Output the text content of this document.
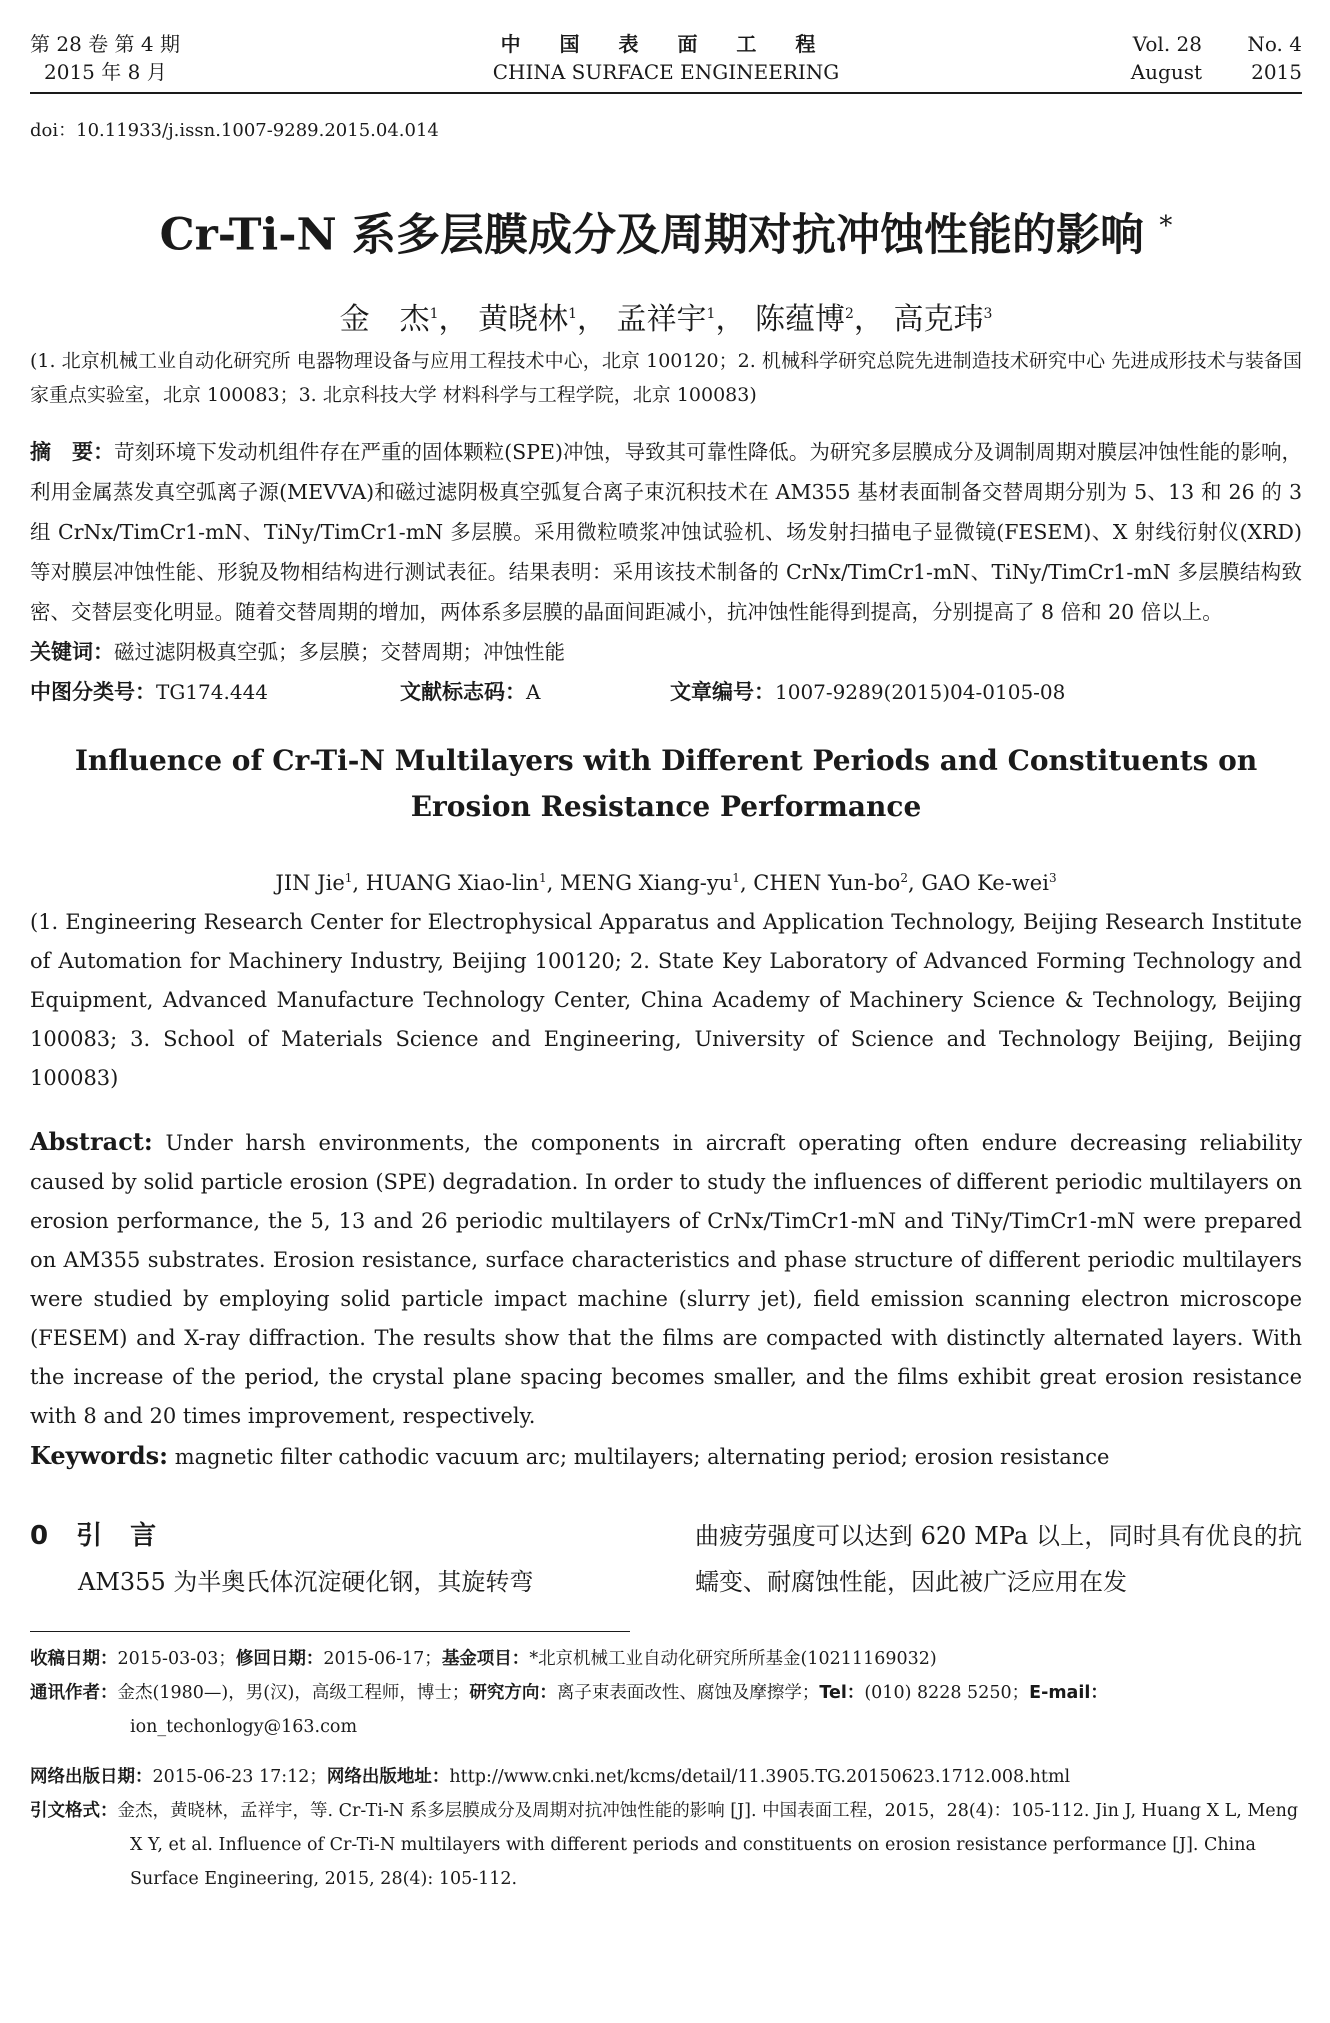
第 28 卷 第 4 期
2015 年 8 月
中 国 表 面 工 程
CHINA SURFACE ENGINEERING
Vol. 28 No. 4
August 2015
doi：10.11933/j.issn.1007-9289.2015.04.014
Cr-Ti-N 系多层膜成分及周期对抗冲蚀性能的影响 *
金　杰$^1$， 黄晓林$^1$， 孟祥宇$^1$， 陈蕴博$^2$， 高克玮$^3$
(1. 北京机械工业自动化研究所 电器物理设备与应用工程技术中心，北京 100120；2. 机械科学研究总院先进制造技术研究中心 先进成形技术与装备国家重点实验室，北京 100083；3. 北京科技大学 材料科学与工程学院，北京 100083)
摘　要：苛刻环境下发动机组件存在严重的固体颗粒(SPE)冲蚀，导致其可靠性降低。为研究多层膜成分及调制周期对膜层冲蚀性能的影响，利用金属蒸发真空弧离子源(MEVVA)和磁过滤阴极真空弧复合离子束沉积技术在 AM355 基材表面制备交替周期分别为 5、13 和 26 的 3 组 CrNx/TimCr1-mN、TiNy/TimCr1-mN 多层膜。采用微粒喷浆冲蚀试验机、场发射扫描电子显微镜(FESEM)、X 射线衍射仪(XRD)等对膜层冲蚀性能、形貌及物相结构进行测试表征。结果表明：采用该技术制备的 CrNx/TimCr1-mN、TiNy/TimCr1-mN 多层膜结构致密、交替层变化明显。随着交替周期的增加，两体系多层膜的晶面间距减小，抗冲蚀性能得到提高，分别提高了 8 倍和 20 倍以上。
关键词：磁过滤阴极真空弧；多层膜；交替周期；冲蚀性能
中图分类号：TG174.444	文献标志码：A	文章编号：1007-9289(2015)04-0105-08
Influence of Cr-Ti-N Multilayers with Different Periods and Constituents on Erosion Resistance Performance
JIN Jie$^1$, HUANG Xiao-lin$^1$, MENG Xiang-$yu^1$, CHEN Yun-$bo^2$, GAO Ke-wei$^3$
(1. Engineering Research Center for Electrophysical Apparatus and Application Technology, Beijing Research Institute of Automation for Machinery Industry, Beijing 100120; 2. State Key Laboratory of Advanced Forming Technology and Equipment, Advanced Manufacture Technology Center, China Academy of Machinery Science & Technology, Beijing 100083; 3. School of Materials Science and Engineering, University of Science and Technology Beijing, Beijing 100083)
Abstract: Under harsh environments, the components in aircraft operating often endure decreasing reliability caused by solid particle erosion (SPE) degradation. In order to study the influences of different periodic multilayers on erosion performance, the 5, 13 and 26 periodic multilayers of CrNx/TimCr1-mN and TiNy/TimCr1-mN were prepared on AM355 substrates. Erosion resistance, surface characteristics and phase structure of different periodic multilayers were studied by employing solid particle impact machine (slurry jet), field emission scanning electron microscope (FESEM) and X-ray diffraction. The results show that the films are compacted with distinctly alternated layers. With the increase of the period, the crystal plane spacing becomes smaller, and the films exhibit great erosion resistance with 8 and 20 times improvement, respectively.
Keywords: magnetic filter cathodic vacuum arc; multilayers; alternating period; erosion resistance
0引言
AM355 为半奥氏体沉淀硬化钢，其旋转弯
曲疲劳强度可以达到 620 MPa 以上，同时具有优良的抗蠕变、耐腐蚀性能，因此被广泛应用在发

收稿日期：2015-03-03；修回日期：2015-06-17；基金项目：*北京机械工业自动化研究所所基金(10211169032)

通讯作者：金杰(1980—)，男(汉)，高级工程师，博士；研究方向：离子束表面改性、腐蚀及摩擦学；Tel：(010) 8228 5250；E-mail：ion_techonlogy@163.com

网络出版日期：2015-06-23 17:12；网络出版地址：http://www.cnki.net/kcms/detail/11.3905.TG.20150623.1712.008.html

引文格式：金杰，黄晓林，孟祥宇，等. Cr-Ti-N 系多层膜成分及周期对抗冲蚀性能的影响 [J]. 中国表面工程，2015，28(4)：105-112. Jin J, Huang X L, Meng X Y, et al. Influence of Cr-Ti-N multilayers with different periods and constituents on erosion resistance performance [J]. China Surface Engineering, 2015, 28(4): 105-112.
